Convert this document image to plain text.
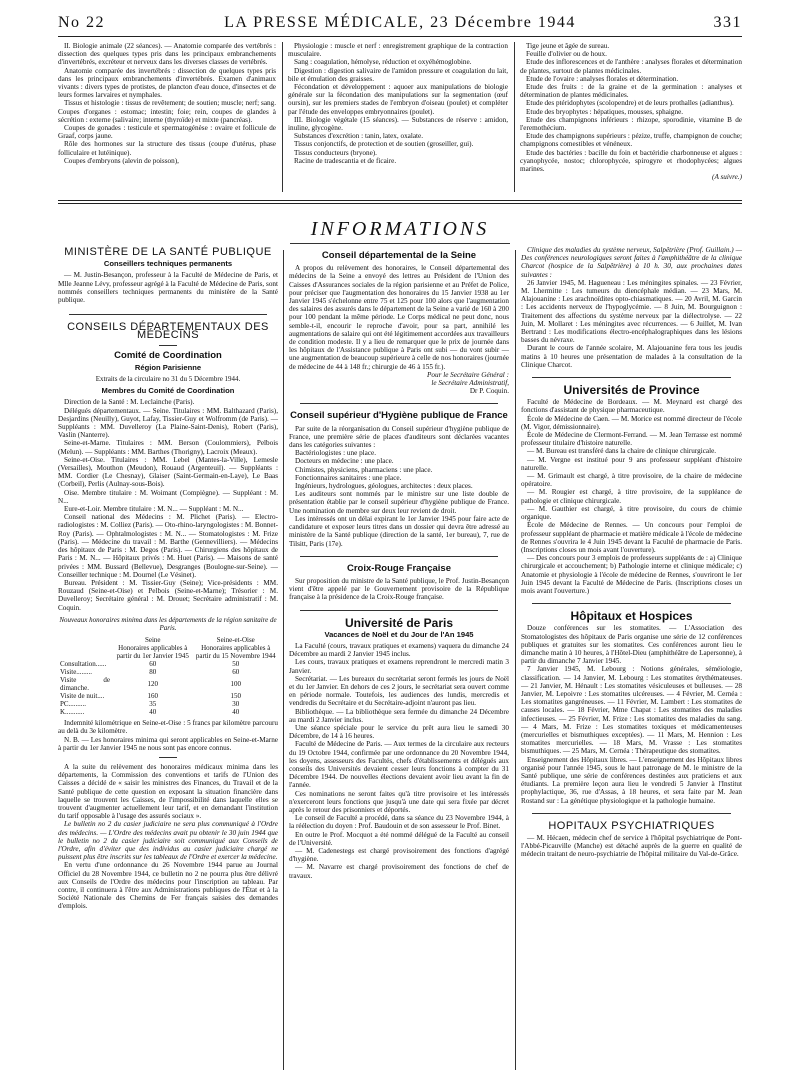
No 22	LA PRESSE MÉDICALE, 23 Décembre 1944	331

II. Biologie animale (22 séances). — Anatomie comparée des vertébrés : dissection des quelques types pris dans les principaux embranchements d'invertébrés, excréteur et nerveux dans les diverses classes de vertébrés.

Anatomie comparée des invertébrés : dissection de quelques types pris dans les principaux embranchements d'invertébrés. Examen d'animaux vivants : divers types de protistes, de plancton d'eau douce, d'insectes et de leurs formes larvaires et nymphales.

Tissus et histologie : tissus de revêtement; de soutien; muscle; nerf; sang. Coupes d'organes : estomac; intestin; foie; rein, coupes de glandes à sécrétion : externe (salivaire; interne (thyroïde) et mixte (pancréas).

Coupes de gonades : testicule et spermatogénèse : ovaire et follicule de Graaf, corps jaune.

Rôle des hormones sur la structure des tissus (coupe d'utérus, phase folliculaire et lutéinique).

Coupes d'embryons (alevin de poisson),

Physiologie : muscle et nerf : enregistrement graphique de la contraction musculaire.

Sang : coagulation, hémolyse, réduction et oxyéhémoglobine.

Digestion : digestion salivaire de l'amidon pressure et coagulation du lait, bile et émulation des graisses.

Fécondation et développement : aquoer aux manipulations de biologie générale sur la fécondation des manipulations sur la segmentation (œuf oursin), sur les premiers stades de l'embryon d'oiseau (poulet) et compléter par l'étude des enveloppes embryonnaires (poulet).

III. Biologie végétale (15 séances). — Substances de réserve : amidon, inuline, glycogène.

Substances d'excrétion : tanin, latex, oxalate.

Tissus conjonctifs, de protection et de soutien (groseiller, gui).

Tissus conducteurs (bryone).

Racine de tradescantia et de ficaire.

Tige jeune et âgée de sureau.

Feuille d'olivier ou de houx.

Etude des inflorescences et de l'anthère : analyses florales et détermination de plantes, surtout de plantes médicinales.

Etude de l'ovaire : analyses florales et détermination.

Etude des fruits : de la graine et de la germination : analyses et détermination de plantes médicinales.

Etude des ptéridophytes (scolopendre) et de leurs prothalles (adianthus).

Etude des bryophytes : hépatiques, mousses, sphaigne.

Etude des champignons inférieurs : rhizope, sporodinie, vitamine B de l'eremothécium.

Etude des champignons supérieurs : pézize, truffe, champignon de couche; champignons comestibles et vénéneux.

Etude des bactéries : bacille du foin et bactéridie charbonneuse et algues : cyanophycée, nostoc; chlorophycée, spirogyre et rhodophycées; algues marines.

(A suivre.)

INFORMATIONS
MINISTÈRE DE LA SANTÉ PUBLIQUE
Conseillers techniques permanents

— M. Justin-Besançon, professeur à la Faculté de Médecine de Paris, et Mlle Jeanne Lévy, professeur agrégé à la Faculté de Médecine de Paris, sont nommés conseillers techniques permanents du ministère de la Santé publique.

CONSEILS DÉPARTEMENTAUX DES MÉDECINS
Comité de Coordination
Région Parisienne
Extraits de la circulaire no 31 du 5 Décembre 1944.
Membres du Comité de Coordination

Direction de la Santé : M. Leclainche (Paris).

Délégués départementaux. — Seine. Titulaires : MM. Balthazard (Paris), Desjardins (Neuilly), Guyot, Lafay, Tissier-Guy et Wolfromm (de Paris). — Suppléants : MM. Duvelleroy (La Plaine-Saint-Denis), Robert (Paris), Vaslin (Nanterre).

Seine-et-Marne. Titulaires : MM. Berson (Coulommiers), Pelbois (Melun). — Suppléants : MM. Barthes (Thorigny), Lacroix (Meaux).

Seine-et-Oise. Titulaires : MM. Lebel (Mantes-la-Ville), Lemesle (Versailles), Mouthon (Meudon), Rouaud (Argenteuil). — Suppléants : MM. Cordier (Le Chesnay), Glaiser (Saint-Germain-en-Laye), Le Baas (Corbeil), Perlis (Aulnay-sous-Bois).

Oise. Membre titulaire : M. Woimant (Compiègne). — Suppléant : M. N...

Eure-et-Loir. Membre titulaire : M. N... — Suppléant : M. N...

Conseil national des Médecins : M. Plichet (Paris). — Electro-radiologistes : M. Colliez (Paris). — Oto-rhino-laryngologistes : M. Bonnet-Roy (Paris). — Ophtalmologistes : M. N... — Stomatologistes : M. Frize (Paris). — Médecine du travail : M. Barthe (Gennevilliers). — Médecins des hôpitaux de Paris : M. Degos (Paris). — Chirurgiens des hôpitaux de Paris : M. N... — Hôpitaux privés : M. Huet (Paris). — Maisons de santé privées : MM. Bussard (Bellevue), Desgranges (Boulogne-sur-Seine). — Conseiller technique : M. Dournel (Le Vésinet).

Bureau. Président : M. Tissier-Guy (Seine); Vice-présidents : MM. Rouzaud (Seine-et-Oise) et Pelbois (Seine-et-Marne); Trésorier : M. Duvelleroy; Secrétaire général : M. Drouet; Secrétaire administratif : M. Coquin.

Nouveaux honoraires minima dans les départements de la région sanitaire de Paris.
	Seine	Seine-et-Oise
	Honoraires applicables à partir du 1er Janvier 1945	Honoraires applicables à partir du 15 Novembre 1944
Consultation......	60	50
Visite.........	80	60
Visite de dimanche.	120	100
Visite de nuit....	160	150
PC..........	35	30
K...........	40	40

Indemnité kilométrique en Seine-et-Oise : 5 francs par kilomètre parcouru au delà du 3e kilomètre.

N. B. — Les honoraires minima qui seront applicables en Seine-et-Marne à partir du 1er Janvier 1945 ne nous sont pas encore connus.

A la suite du relèvement des honoraires médicaux minima dans les départements, la Commission des conventions et tarifs de l'Union des Caisses a décidé de « saisir les ministres des Finances, du Travail et de la Santé publique de cette question en exposant la situation financière dans laquelle se trouvent les Caisses, de l'impossibilité dans laquelle elles se trouvent d'augmenter actuellement leur tarif, et en demandant l'institution du tarif opposable à l'usage des assurés sociaux ».

Le bulletin no 2 du casier judiciaire ne sera plus communiqué à l'Ordre des médecins. — L'Ordre des médecins avait pu obtenir le 30 juin 1944 que le bulletin no 2 du casier judiciaire soit communiqué aux Conseils de l'Ordre, afin d'éviter que des individus au casier judiciaire chargé ne puissent plus être inscrits sur les tableaux de l'Ordre et exercer la médecine.

En vertu d'une ordonnance du 26 Novembre 1944 parue au Journal Officiel du 28 Novembre 1944, ce bulletin no 2 ne pourra plus être délivré aux Conseils de l'Ordre des médecins pour l'inscription au tableau. Par contre, il continuera à l'être aux Administrations publiques de l'État et à la Société Nationale des Chemins de Fer français saisies des demandes d'emplois.

Conseil départemental de la Seine

A propos du relèvement des honoraires, le Conseil départemental des médecins de la Seine a envoyé des lettres au Président de l'Union des Caisses d'Assurances sociales de la région parisienne et au Préfet de Police, pour préciser que l'augmentation des honoraires du 15 Janvier 1938 au 1er Janvier 1945 s'échelonne entre 75 et 125 pour 100 alors que l'augmentation des salaires des assurés dans le département de la Seine a varié de 160 à 200 pour 100 pendant la même période. Le Corps médical ne peut donc, nous semble-t-il, encourir le reproche d'avoir, pour sa part, annihilé les augmentations de salaire qui ont été légitimement accordées aux travailleurs de condition modeste. Il y a lieu de remarquer que le prix de journée dans les hôpitaux de l'Assistance publique à Paris ont subi — du vont subir — une augmentation de beaucoup supérieure à celle de nos honoraires (journée de médecine de 44 à 148 fr.; chirurgie de 46 à 155 fr.).

Pour le Secrétaire Général :
le Secrétaire Administratif,
Dr P. Coquin.
Conseil supérieur d'Hygiène publique de France

Par suite de la réorganisation du Conseil supérieur d'hygiène publique de France, une première série de places d'auditeurs sont déclarées vacantes dans les catégories suivantes :

Bactériologistes : une place.

Docteurs en médecine : une place.

Chimistes, physiciens, pharmaciens : une place.

Fonctionnaires sanitaires : une place.

Ingénieurs, hydrologues, géologues, architectes : deux places.

Les auditeurs sont nommés par le ministre sur une liste double de présentation établie par le conseil supérieur d'hygiène publique de France. Une nomination de membre sur deux leur revient de droit.

Les intéressés ont un délai expirant le 1er Janvier 1945 pour faire acte de candidature et exposer leurs titres dans un dossier qui devra être adressé au ministère de la Santé publique (direction de la santé, 1er bureau), 7, rue de Tilsitt, Paris (17e).

Croix-Rouge Française

Sur proposition du ministre de la Santé publique, le Prof. Justin-Besançon vient d'être appelé par le Gouvernement provisoire de la République française à la présidence de la Croix-Rouge française.

Université de Paris
Vacances de Noël et du Jour de l'An 1945

La Faculté (cours, travaux pratiques et examens) vaquera du dimanche 24 Décembre au mardi 2 Janvier 1945 inclus.

Les cours, travaux pratiques et examens reprendront le mercredi matin 3 Janvier.

Secrétariat. — Les bureaux du secrétariat seront fermés les jours de Noël et du 1er Janvier. En dehors de ces 2 jours, le secrétariat sera ouvert comme en période normale. Toutefois, les audiences des lundis, mercredis et vendredis du Secrétaire et du Secrétaire-adjoint n'auront pas lieu.

Bibliothèque. — La bibliothèque sera fermée du dimanche 24 Décembre au mardi 2 Janvier inclus.

Une séance spéciale pour le service du prêt aura lieu le samedi 30 Décembre, de 14 à 16 heures.

Faculté de Médecine de Paris. — Aux termes de la circulaire aux recteurs du 19 Octobre 1944, confirmée par une ordonnance du 20 Novembre 1944, les doyens, assesseurs des Facultés, chefs d'établissements et délégués aux conseils des Universités devaient cesser leurs fonctions à compter du 31 Décembre 1944. De nouvelles élections devaient avoir lieu avant la fin de l'année.

Ces nominations ne seront faites qu'à titre provisoire et les intéressés n'exerceront leurs fonctions que jusqu'à une date qui sera fixée par décret après le retour des prisonniers et déportés.

Le conseil de Faculté a procédé, dans sa séance du 23 Novembre 1944, à la réélection du doyen : Prof. Baudouin et de son assesseur le Prof. Binet.

En outre le Prof. Mocquot a été nommé délégué de la Faculté au conseil de l'Université.

— M. Cadenestegs est chargé provisoirement des fonctions d'agrégé d'hygiène.

— M. Navarre est chargé provisoirement des fonctions de chef de travaux.

Clinique des maladies du système nerveux, Salpêtrière (Prof. Guillain.) — Des conférences neurologiques seront faites à l'amphithéâtre de la clinique Charcot (hospice de la Salpêtrière) à 10 h. 30, aux prochaines dates suivantes :

26 Janvier 1945, M. Hagueneau : Les méningites spinales. — 23 Février, M. Lhermitte : Les tumeurs du diencéphale médian. — 23 Mars, M. Alajouanine : Les arachnoïdites opto-chiasmatiques. — 20 Avril, M. Garcin : Les accidents nerveux de l'hypoglycémie. — 8 Juin, M. Bourguignon : Traitement des affections du système nerveux par la diélectrolyse. — 22 Juin, M. Mollaret : Les méningites avec récurrences. — 6 Juillet, M. Ivan Bertrand : Les modifications électro-encéphalographiques dans les lésions basses du névraxe.

Durant le cours de l'année scolaire, M. Alajouanine fera tous les jeudis matins à 10 heures une présentation de malades à la consultation de la Clinique Charcot.

Universités de Province

Faculté de Médecine de Bordeaux. — M. Meynard est chargé des fonctions d'assistant de physique pharmaceutique.

École de Médecine de Caen. — M. Morice est nommé directeur de l'école (M. Vigor, démissionnaire).

École de Médecine de Clermont-Ferrand. — M. Jean Terrasse est nommé professeur titulaire d'histoire naturelle.

— M. Bureau est transféré dans la chaire de clinique chirurgicale.

— M. Vergne est institué pour 9 ans professeur suppléant d'histoire naturelle.

— M. Grimault est chargé, à titre provisoire, de la chaire de médecine opératoire.

— M. Rougier est chargé, à titre provisoire, de la suppléance de pathologie et clinique chirurgicale.

— M. Gauthier est chargé, à titre provisoire, du cours de chimie organique.

École de Médecine de Rennes. — Un concours pour l'emploi de professeur suppléant de pharmacie et matière médicale à l'école de médecine de Rennes s'ouvrira le 4 Juin 1945 devant la Faculté de pharmacie de Paris. (Inscriptions closes un mois avant l'ouverture).

— Des concours pour 3 emplois de professeurs suppléants de : a) Clinique chirurgicale et accouchement; b) Pathologie interne et clinique médicale; c) Anatomie et physiologie à l'école de médecine de Rennes, s'ouvriront le 1er Juin 1945 devant la Faculté de Médecine de Paris. (Inscriptions closes un mois avant l'ouverture.)

Hôpitaux et Hospices

Douze conférences sur les stomatites. — L'Association des Stomatologistes des hôpitaux de Paris organise une série de 12 conférences publiques et gratuites sur les stomatites. Ces conférences auront lieu le dimanche matin à 10 heures, à l'Hôtel-Dieu (amphithéâtre de Lapersonne), à partir du dimanche 7 Janvier 1945.

7 Janvier 1945, M. Lebourg : Notions générales, séméiologie, classification. — 14 Janvier, M. Lebourg : Les stomatites érythémateuses. — 21 Janvier, M. Hénault : Les stomatites vésiculeuses et bulleuses. — 28 Janvier, M. Lepoivre : Les stomatites ulcéreuses. — 4 Février, M. Cernéa : Les stomatites gangréneuses. — 11 Février, M. Lambert : Les stomatites de causes locales. — 18 Février, Mme Chapat : Les stomatites des maladies infectieuses. — 25 Février, M. Frize : Les stomatites des maladies du sang. — 4 Mars, M. Frize : Les stomatites toxiques et médicamenteuses (mercurielles et bismuthiques exceptées). — 11 Mars, M. Hennion : Les stomatites mercurielles. — 18 Mars, M. Vrasse : Les stomatites bismuthiques. — 25 Mars, M. Cernéa : Thérapeutique des stomatites.

Enseignement des Hôpitaux libres. — L'enseignement des Hôpitaux libres organisé pour l'année 1945, sous le haut patronage de M. le ministre de la Santé publique, une série de conférences destinées aux praticiens et aux étudiants. La première leçon aura lieu le vendredi 5 Janvier à l'Institut prophylactique, 36, rue d'Assas, à 18 heures, et sera faite par M. Jean Rostand sur : La génétique physiologique et la pathologie humaine.

HOPITAUX PSYCHIATRIQUES

— M. Hécaen, médecin chef de service à l'hôpital psychiatrique de Pont-l'Abbé-Picauville (Manche) est détaché auprès de la guerre en qualité de médecin traitant de neuro-psychiatrie de l'hôpital militaire du Val-de-Grâce.
